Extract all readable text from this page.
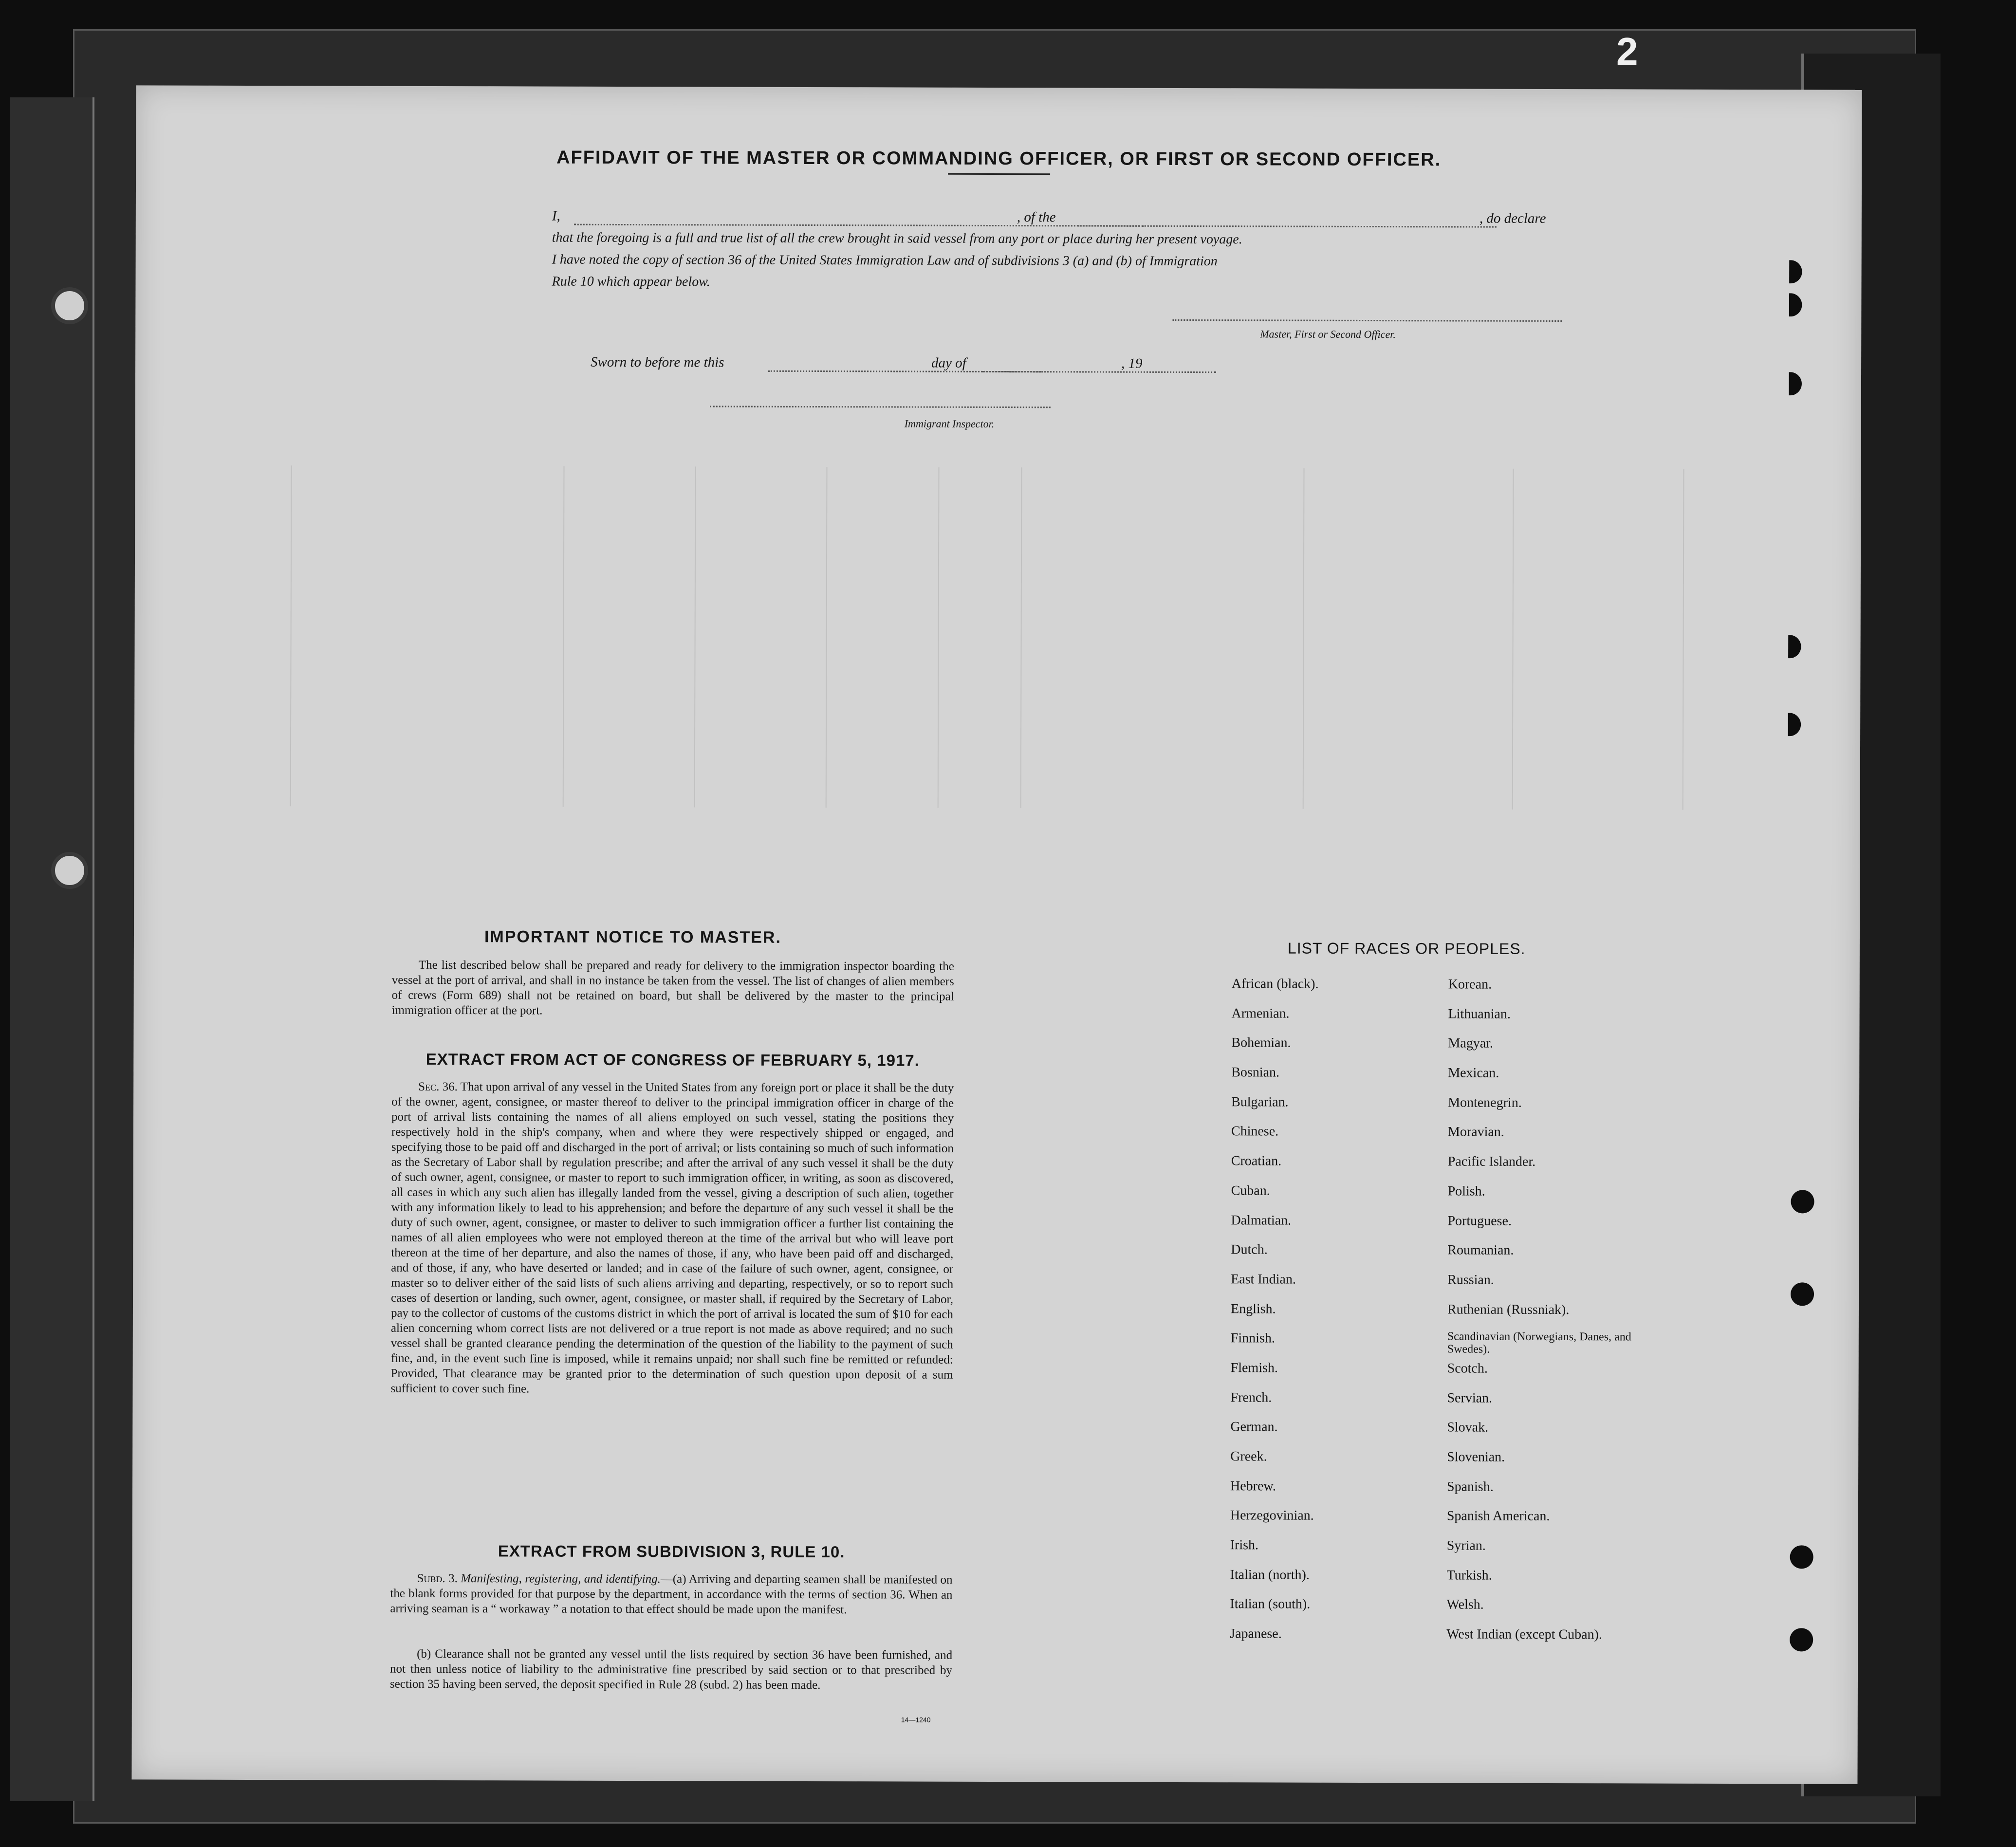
2
AFFIDAVIT OF THE MASTER OR COMMANDING OFFICER, OR FIRST OR SECOND OFFICER.
I,	, of the	, do declare
that the foregoing is a full and true list of all the crew brought in said vessel from any port or place during her present voyage.
I have noted the copy of section 36 of the United States Immigration Law and of subdivisions 3 (a) and (b) of Immigration
Rule 10 which appear below.
Master, First or Second Officer.
Sworn to before me this	day of	, 19
Immigrant Inspector.
IMPORTANT NOTICE TO MASTER.
The list described below shall be prepared and ready for delivery to the immigration inspector boarding the vessel at the port of arrival, and shall in no instance be taken from the vessel. The list of changes of alien members of crews (Form 689) shall not be retained on board, but shall be delivered by the master to the principal immigration officer at the port.
EXTRACT FROM ACT OF CONGRESS OF FEBRUARY 5, 1917.
Sec. 36. That upon arrival of any vessel in the United States from any foreign port or place it shall be the duty of the owner, agent, consignee, or master thereof to deliver to the principal immigration officer in charge of the port of arrival lists containing the names of all aliens employed on such vessel, stating the positions they respectively hold in the ship's company, when and where they were respectively shipped or engaged, and specifying those to be paid off and discharged in the port of arrival; or lists containing so much of such information as the Secretary of Labor shall by regulation prescribe; and after the arrival of any such vessel it shall be the duty of such owner, agent, consignee, or master to report to such immigration officer, in writing, as soon as discovered, all cases in which any such alien has illegally landed from the vessel, giving a description of such alien, together with any information likely to lead to his apprehension; and before the departure of any such vessel it shall be the duty of such owner, agent, consignee, or master to deliver to such immigration officer a further list containing the names of all alien employees who were not employed thereon at the time of the arrival but who will leave port thereon at the time of her departure, and also the names of those, if any, who have been paid off and discharged, and of those, if any, who have deserted or landed; and in case of the failure of such owner, agent, consignee, or master so to deliver either of the said lists of such aliens arriving and departing, respectively, or so to report such cases of desertion or landing, such owner, agent, consignee, or master shall, if required by the Secretary of Labor, pay to the collector of customs of the customs district in which the port of arrival is located the sum of $10 for each alien concerning whom correct lists are not delivered or a true report is not made as above required; and no such vessel shall be granted clearance pending the determination of the question of the liability to the payment of such fine, and, in the event such fine is imposed, while it remains unpaid; nor shall such fine be remitted or refunded: Provided, That clearance may be granted prior to the determination of such question upon deposit of a sum sufficient to cover such fine.
EXTRACT FROM SUBDIVISION 3, RULE 10.
Subd. 3. Manifesting, registering, and identifying.—(a) Arriving and departing seamen shall be manifested on the blank forms provided for that purpose by the department, in accordance with the terms of section 36. When an arriving seaman is a “ workaway ” a notation to that effect should be made upon the manifest.
(b) Clearance shall not be granted any vessel until the lists required by section 36 have been furnished, and not then unless notice of liability to the administrative fine prescribed by said section or to that prescribed by section 35 having been served, the deposit specified in Rule 28 (subd. 2) has been made.
14—1240
LIST OF RACES OR PEOPLES.
African (black).
Armenian.
Bohemian.
Bosnian.
Bulgarian.
Chinese.
Croatian.
Cuban.
Dalmatian.
Dutch.
East Indian.
English.
Finnish.
Flemish.
French.
German.
Greek.
Hebrew.
Herzegovinian.
Irish.
Italian (north).
Italian (south).
Japanese.
Korean.
Lithuanian.
Magyar.
Mexican.
Montenegrin.
Moravian.
Pacific Islander.
Polish.
Portuguese.
Roumanian.
Russian.
Ruthenian (Russniak).
Scandinavian (Norwegians, Danes, and Swedes).
Scotch.
Servian.
Slovak.
Slovenian.
Spanish.
Spanish American.
Syrian.
Turkish.
Welsh.
West Indian (except Cuban).
